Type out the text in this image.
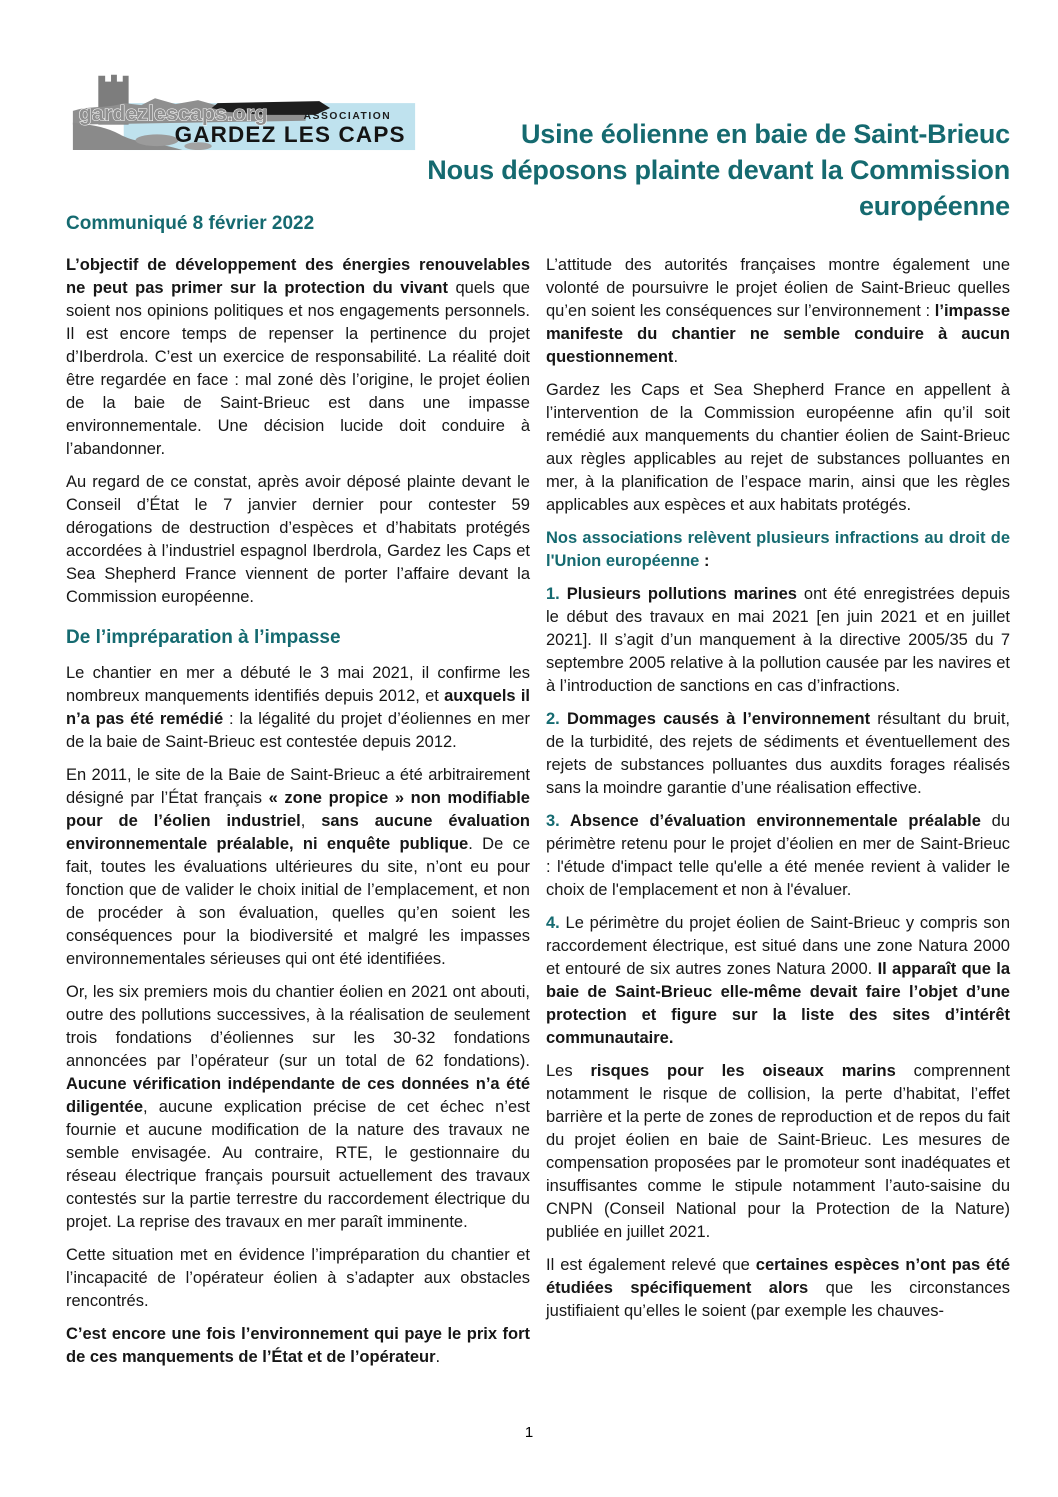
gardezlescaps.org	ASSOCIATION
GARDEZ LES CAPS	Usine éolienne en baie de Saint-Brieuc
Nous déposons plainte devant la Commission européenne
Communiqué 8 février 2022

L’objectif de développement des énergies renouvelables ne peut pas primer sur la protection du vivant quels que soient nos opinions politiques et nos engagements personnels. Il est encore temps de repenser la pertinence du projet d’Iberdrola. C’est un exercice de responsabilité. La réalité doit être regardée en face : mal zoné dès l’origine, le projet éolien de la baie de Saint-Brieuc est dans une impasse environnementale. Une décision lucide doit conduire à l’abandonner.

Au regard de ce constat, après avoir déposé plainte devant le Conseil d’État le 7 janvier dernier pour contester 59 dérogations de destruction d’espèces et d’habitats protégés accordées à l’industriel espagnol Iberdrola, Gardez les Caps et Sea Shepherd France viennent de porter l’affaire devant la Commission européenne.

De l’impréparation à l’impasse

Le chantier en mer a débuté le 3 mai 2021, il confirme les nombreux manquements identifiés depuis 2012, et auxquels il n’a pas été remédié : la légalité du projet d’éoliennes en mer de la baie de Saint-Brieuc est contestée depuis 2012.

En 2011, le site de la Baie de Saint-Brieuc a été arbitrairement désigné par l’État français « zone propice » non modifiable pour de l’éolien industriel, sans aucune évaluation environnementale préalable, ni enquête publique. De ce fait, toutes les évaluations ultérieures du site, n’ont eu pour fonction que de valider le choix initial de l’emplacement, et non de procéder à son évaluation, quelles qu’en soient les conséquences pour la biodiversité et malgré les impasses environnementales sérieuses qui ont été identifiées.

Or, les six premiers mois du chantier éolien en 2021 ont abouti, outre des pollutions successives, à la réalisation de seulement trois fondations d’éoliennes sur les 30-32 fondations annoncées par l’opérateur (sur un total de 62 fondations). Aucune vérification indépendante de ces données n’a été diligentée, aucune explication précise de cet échec n’est fournie et aucune modification de la nature des travaux ne semble envisagée. Au contraire, RTE, le gestionnaire du réseau électrique français poursuit actuellement des travaux contestés sur la partie terrestre du raccordement électrique du projet. La reprise des travaux en mer paraît imminente.

Cette situation met en évidence l’impréparation du chantier et l’incapacité de l’opérateur éolien à s’adapter aux obstacles rencontrés.

C’est encore une fois l’environnement qui paye le prix fort de ces manquements de l’État et de l’opérateur.

L’attitude des autorités françaises montre également une volonté de poursuivre le projet éolien de Saint-Brieuc quelles qu’en soient les conséquences sur l’environnement : l’impasse manifeste du chantier ne semble conduire à aucun questionnement.

Gardez les Caps et Sea Shepherd France en appellent à l’intervention de la Commission européenne afin qu’il soit remédié aux manquements du chantier éolien de Saint-Brieuc aux règles applicables au rejet de substances polluantes en mer, à la planification de l’espace marin, ainsi que les règles applicables aux espèces et aux habitats protégés.

Nos associations relèvent plusieurs infractions au droit de l'Union européenne :

1. Plusieurs pollutions marines ont été enregistrées depuis le début des travaux en mai 2021 [en juin 2021 et en juillet 2021]. Il s’agit d’un manquement à la directive 2005/35 du 7 septembre 2005 relative à la pollution causée par les navires et à l’introduction de sanctions en cas d’infractions.

2. Dommages causés à l’environnement résultant du bruit, de la turbidité, des rejets de sédiments et éventuellement des rejets de substances polluantes dus auxdits forages réalisés sans la moindre garantie d’une réalisation effective.

3. Absence d’évaluation environnementale préalable du périmètre retenu pour le projet d’éolien en mer de Saint-Brieuc : l'étude d'impact telle qu'elle a été menée revient à valider le choix de l'emplacement et non à l'évaluer.

4. Le périmètre du projet éolien de Saint-Brieuc y compris son raccordement électrique, est situé dans une zone Natura 2000 et entouré de six autres zones Natura 2000. Il apparaît que la baie de Saint-Brieuc elle-même devait faire l’objet d’une protection et figure sur la liste des sites d’intérêt communautaire.

Les risques pour les oiseaux marins comprennent notamment le risque de collision, la perte d’habitat, l’effet barrière et la perte de zones de reproduction et de repos du fait du projet éolien en baie de Saint-Brieuc. Les mesures de compensation proposées par le promoteur sont inadéquates et insuffisantes comme le stipule notamment l’auto-saisine du CNPN (Conseil National pour la Protection de la Nature) publiée en juillet 2021.

Il est également relevé que certaines espèces n’ont pas été étudiées spécifiquement alors que les circonstances justifiaient qu’elles le soient (par exemple les chauves-

1
